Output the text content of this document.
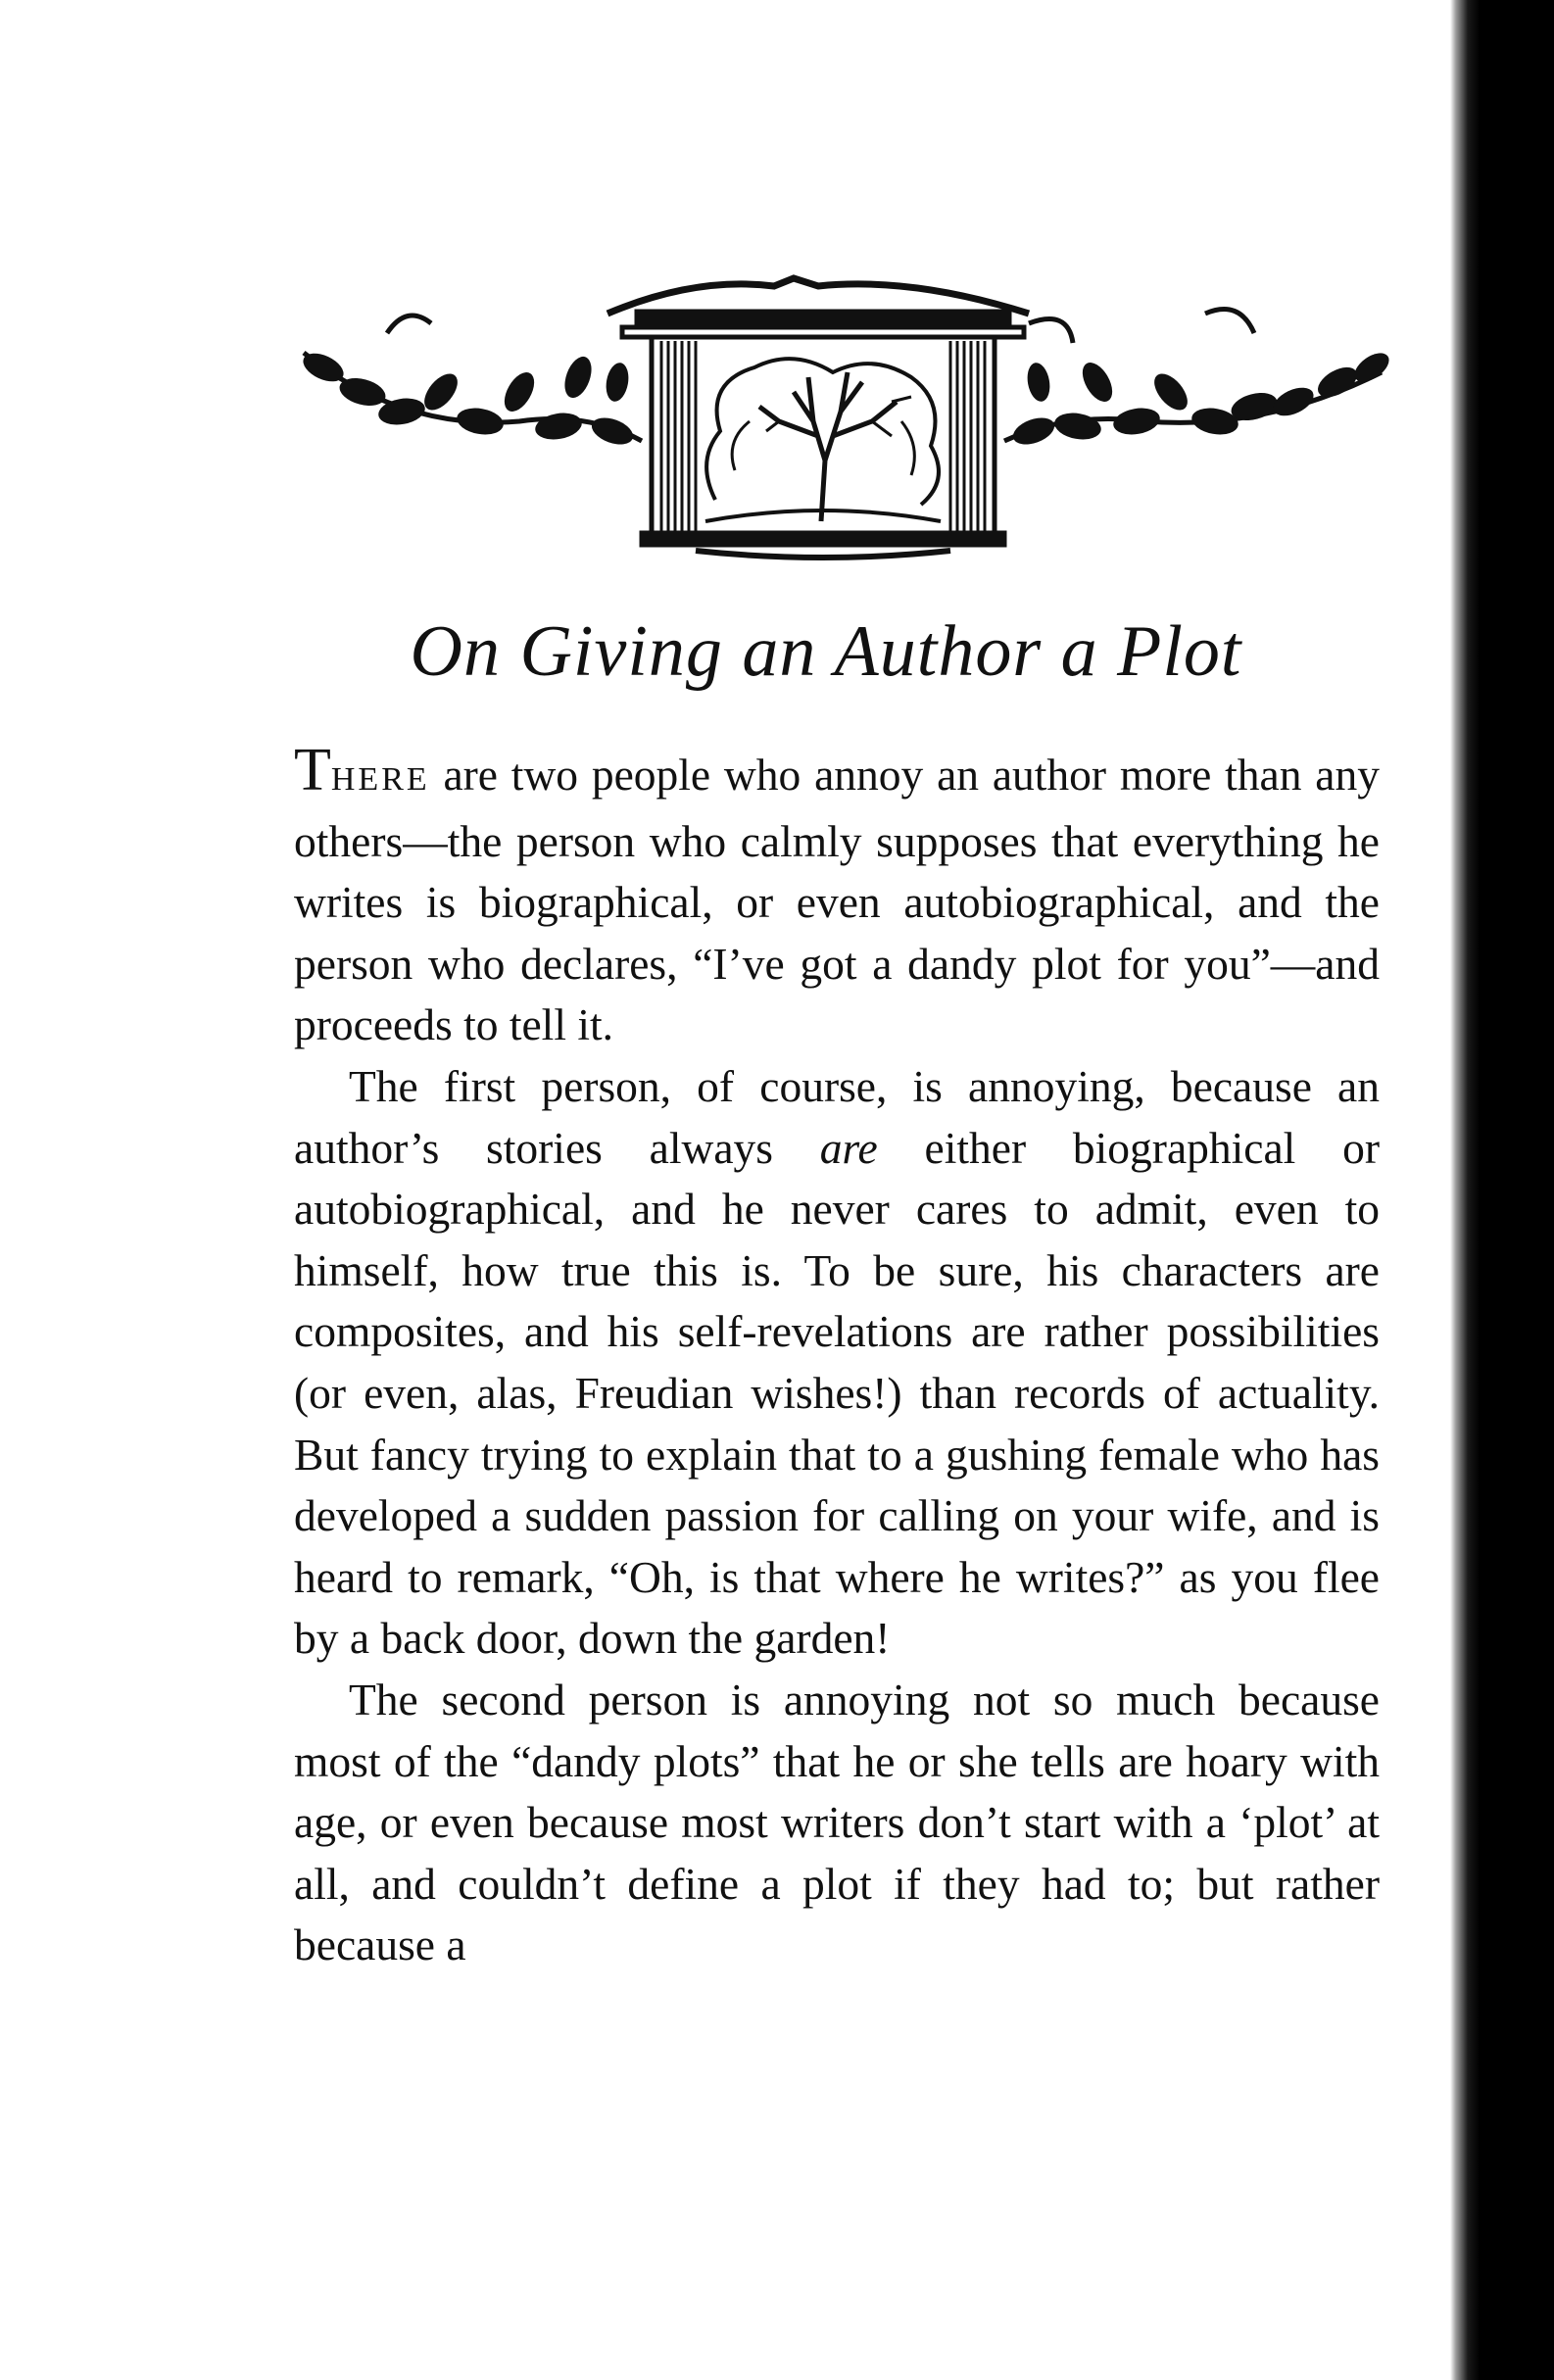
On Giving an Author a Plot

THERE are two people who annoy an author more than any others—the person who calmly supposes that everything he writes is biographical, or even autobiographical, and the person who declares, “I’ve got a dandy plot for you”—and proceeds to tell it.

The first person, of course, is annoying, because an author’s stories always are either biographical or autobiographical, and he never cares to admit, even to himself, how true this is. To be sure, his characters are composites, and his self-revelations are rather possibilities (or even, alas, Freudian wishes!) than records of actuality. But fancy trying to explain that to a gushing female who has developed a sudden passion for calling on your wife, and is heard to remark, “Oh, is that where he writes?” as you flee by a back door, down the garden!

The second person is annoying not so much because most of the “dandy plots” that he or she tells are hoary with age, or even because most writers don’t start with a ‘plot’ at all, and couldn’t define a plot if they had to; but rather because a
